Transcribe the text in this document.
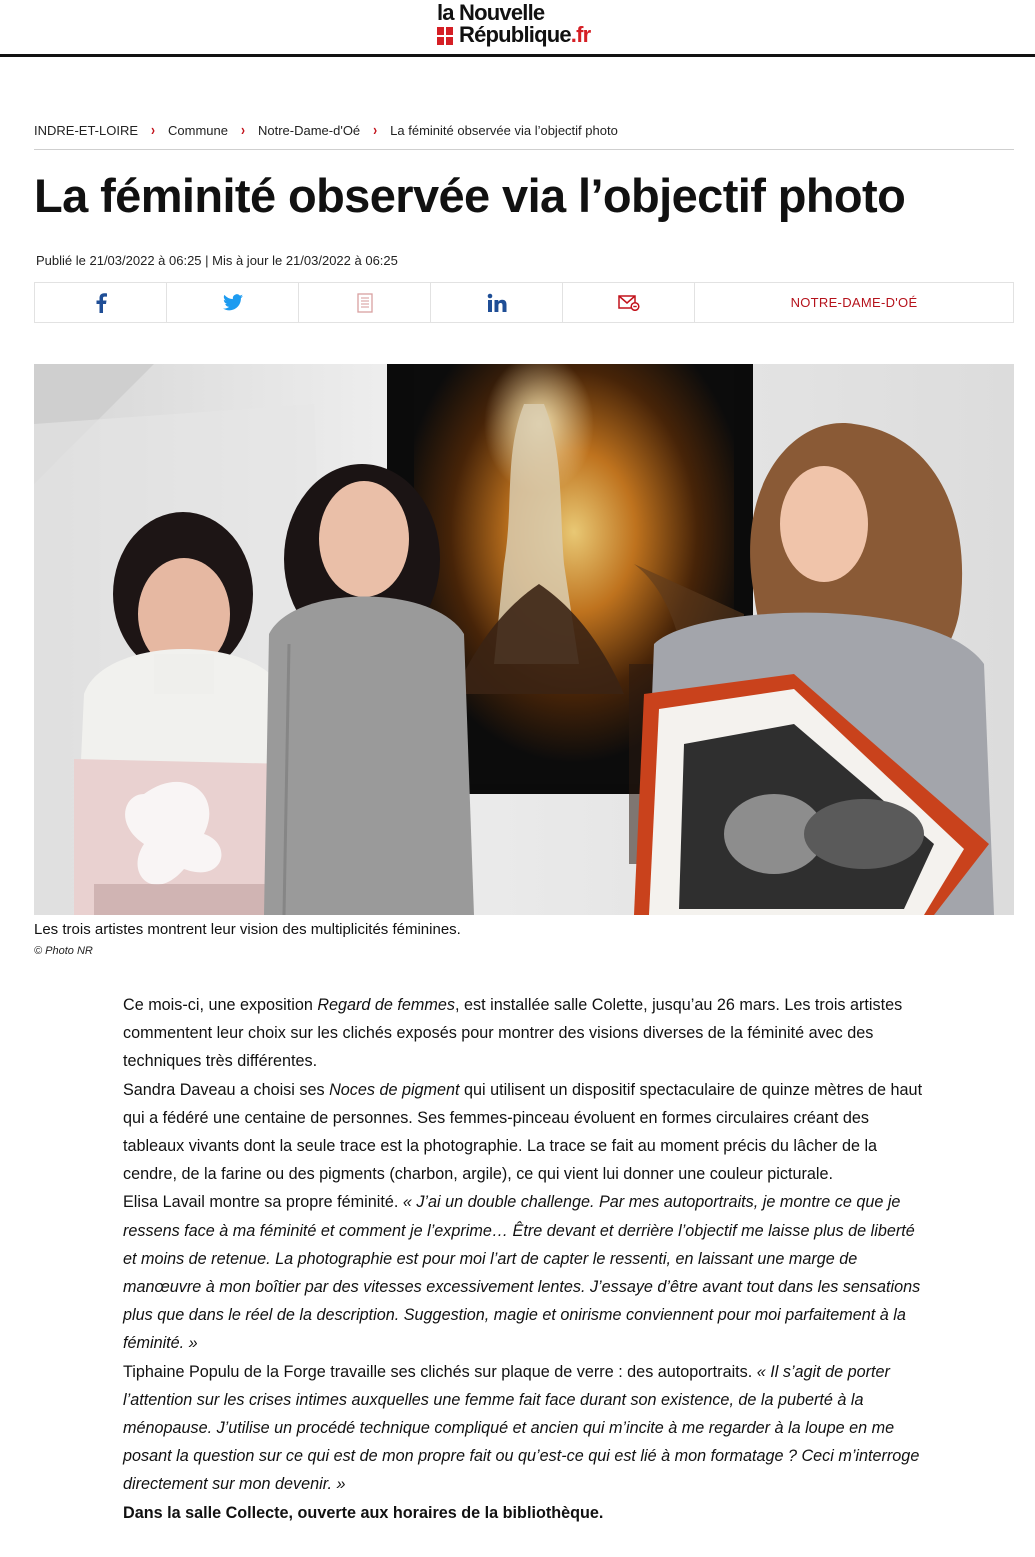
la Nouvelle
République.fr
INDRE-ET-LOIRE › Commune › Notre-Dame-d'Oé › La féminité observée via l’objectif photo
La féminité observée via l’objectif photo
Publié le 21/03/2022 à 06:25 | Mis à jour le 21/03/2022 à 06:25
NOTRE-DAME-D'OÉ
Les trois artistes montrent leur vision des multiplicités féminines.
© Photo NR

Ce mois-ci, une exposition Regard de femmes, est installée salle Colette, jusqu’au 26 mars. Les trois artistes commentent leur choix sur les clichés exposés pour montrer des visions diverses de la féminité avec des techniques très différentes.

Sandra Daveau a choisi ses Noces de pigment qui utilisent un dispositif spectaculaire de quinze mètres de haut qui a fédéré une centaine de personnes. Ses femmes-pinceau évoluent en formes circulaires créant des tableaux vivants dont la seule trace est la photographie. La trace se fait au moment précis du lâcher de la cendre, de la farine ou des pigments (charbon, argile), ce qui vient lui donner une couleur picturale.

Elisa Lavail montre sa propre féminité. « J’ai un double challenge. Par mes autoportraits, je montre ce que je ressens face à ma féminité et comment je l’exprime… Être devant et derrière l’objectif me laisse plus de liberté et moins de retenue. La photographie est pour moi l’art de capter le ressenti, en laissant une marge de manœuvre à mon boîtier par des vitesses excessivement lentes. J’essaye d’être avant tout dans les sensations plus que dans le réel de la description. Suggestion, magie et onirisme conviennent pour moi parfaitement à la féminité. »

Tiphaine Populu de la Forge travaille ses clichés sur plaque de verre : des autoportraits. « Il s’agit de porter l’attention sur les crises intimes auxquelles une femme fait face durant son existence, de la puberté à la ménopause. J’utilise un procédé technique compliqué et ancien qui m’incite à me regarder à la loupe en me posant la question sur ce qui est de mon propre fait ou qu’est-ce qui est lié à mon formatage ? Ceci m’interroge directement sur mon devenir. »

Dans la salle Collecte, ouverte aux horaires de la bibliothèque.
